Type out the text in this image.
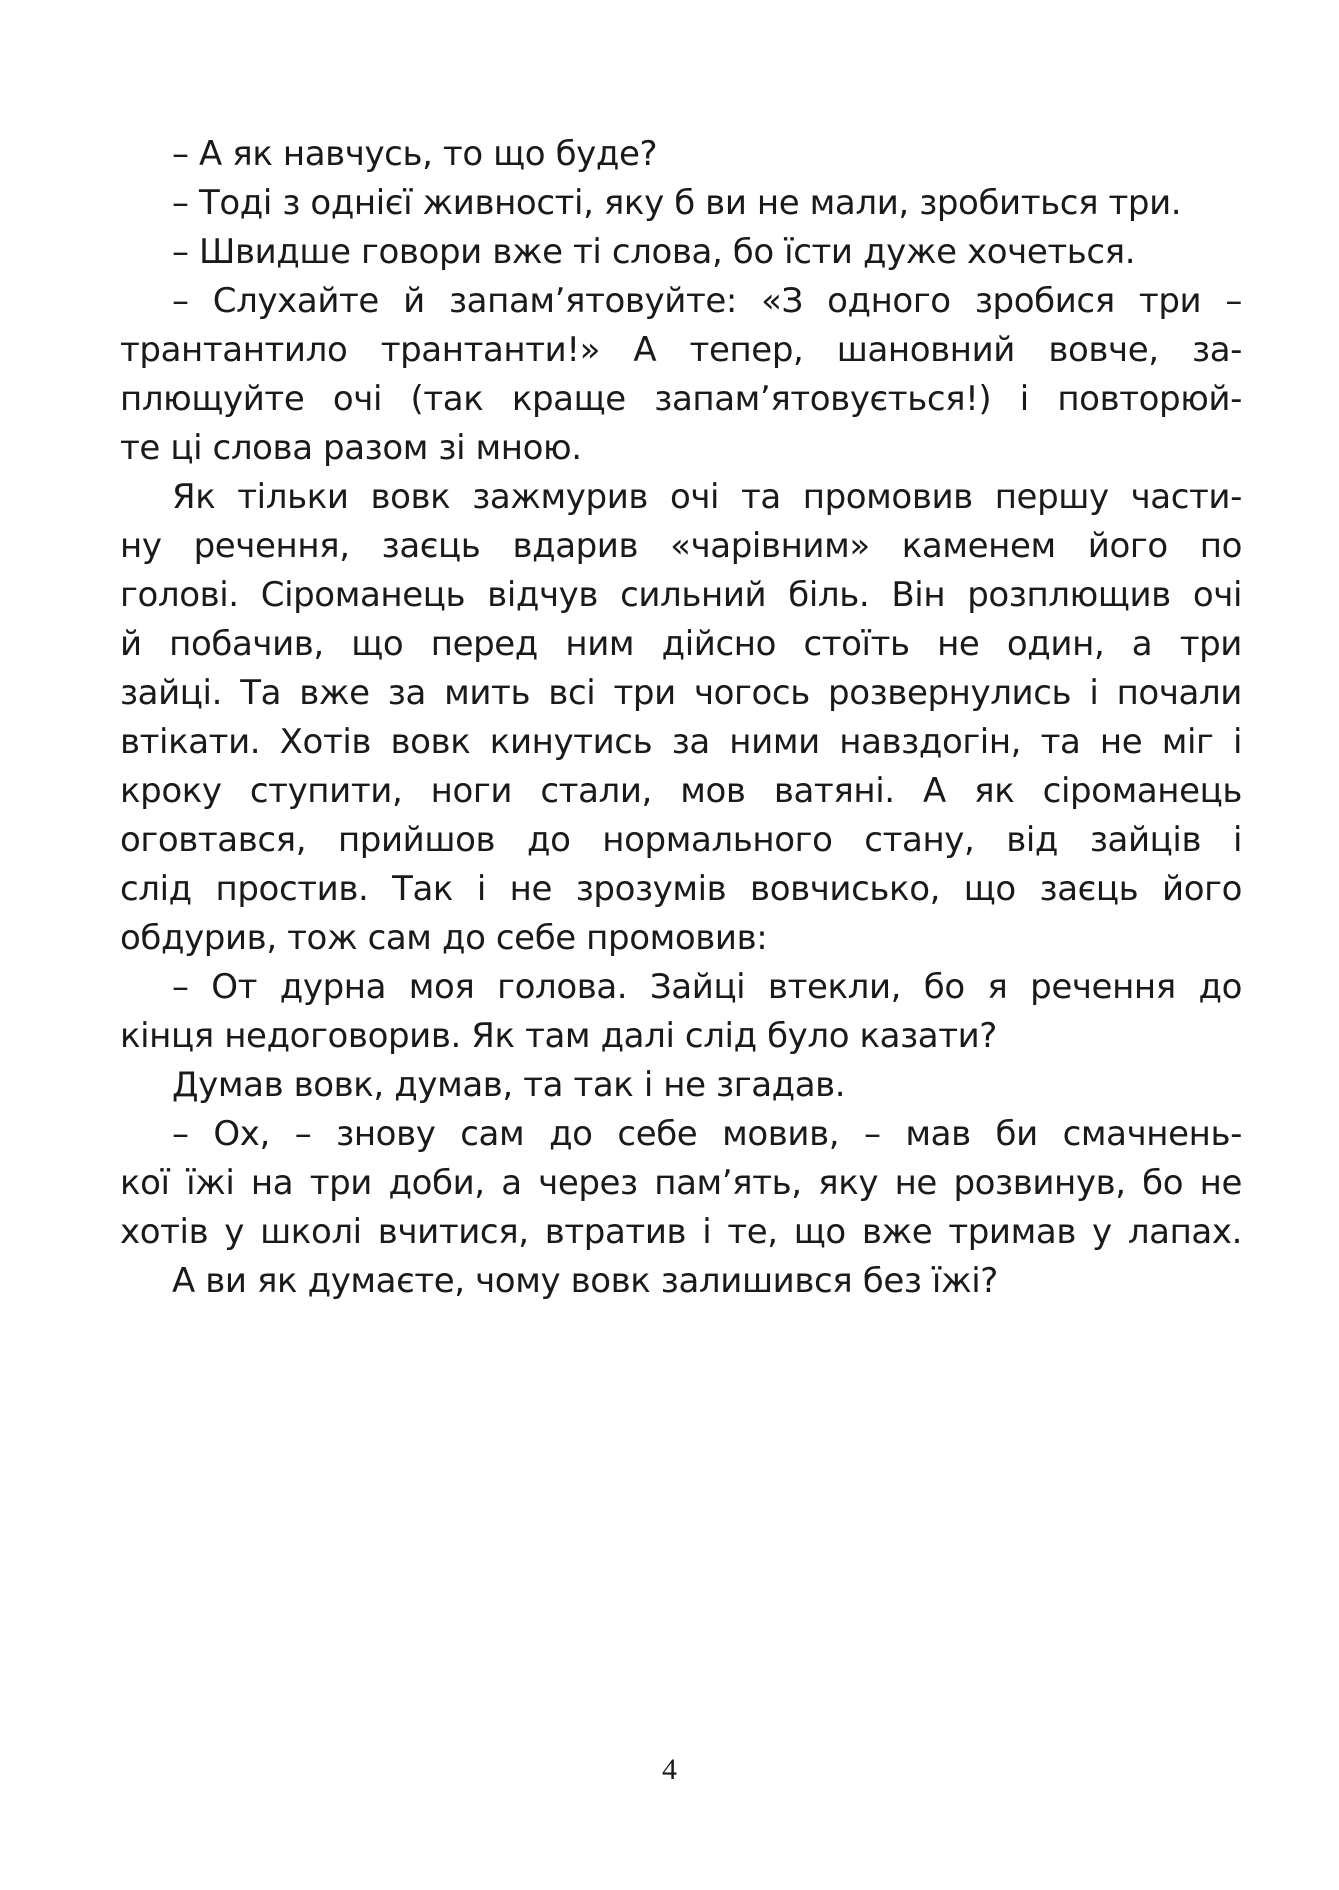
– А як навчусь, то що буде?
– Тоді з однієї живності, яку б ви не мали, зробиться три.
– Швидше говори вже ті слова, бо їсти дуже хочеться.
– Слухайте й запам’ятовуйте: «З одного зробися три –
трантантило трантанти!» А тепер, шановний вовче, за-
плющуйте очі (так краще запам’ятовується!) і повторюй-
те ці слова разом зі мною.
Як тільки вовк зажмурив очі та промовив першу части-
ну речення, заєць вдарив «чарівним» каменем його по
голові. Сіроманець відчув сильний біль. Він розплющив очі
й побачив, що перед ним дійсно стоїть не один, а три
зайці. Та вже за мить всі три чогось розвернулись і почали
втікати. Хотів вовк кинутись за ними навздогін, та не міг і
кроку ступити, ноги стали, мов ватяні. А як сіроманець
оговтався, прийшов до нормального стану, від зайців і
слід простив. Так і не зрозумів вовчисько, що заєць його
обдурив, тож сам до себе промовив:
– От дурна моя голова. Зайці втекли, бо я речення до
кінця недоговорив. Як там далі слід було казати?
Думав вовк, думав, та так і не згадав.
– Ох, – знову сам до себе мовив, – мав би смачнень-
кої їжі на три доби, а через пам’ять, яку не розвинув, бо не
хотів у школі вчитися, втратив і те, що вже тримав у лапах.
А ви як думаєте, чому вовк залишився без їжі?
4
